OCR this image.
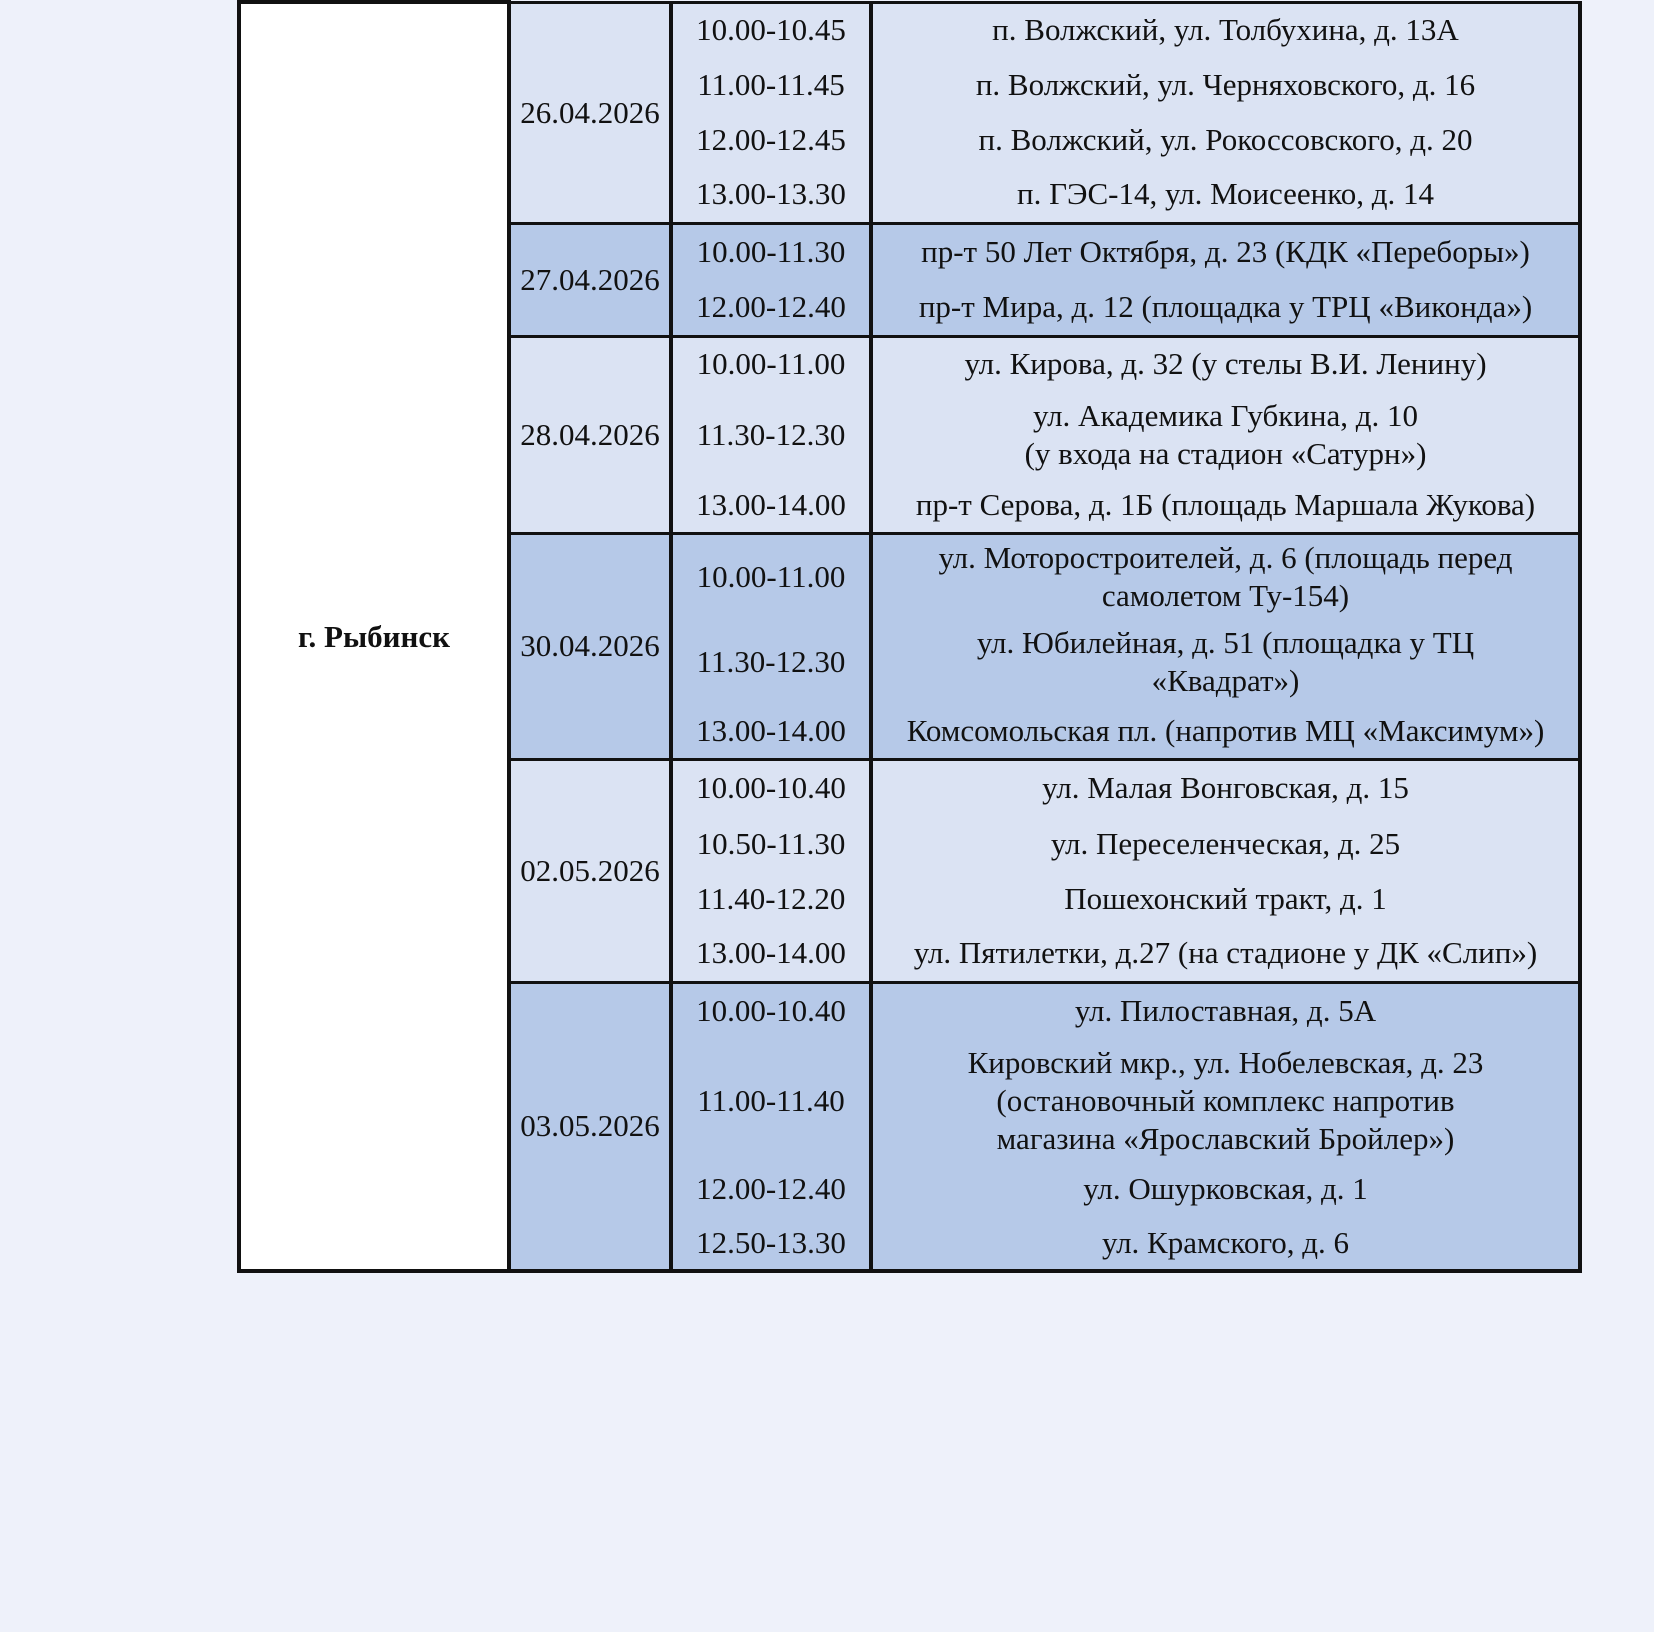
г. Рыбинск	26.04.2026	10.00-10.45	п. Волжский, ул. Толбухина, д. 13А
		11.00-11.45	п. Волжский, ул. Черняховского, д. 16
		12.00-12.45	п. Волжский, ул. Рокоссовского, д. 20
		13.00-13.30	п. ГЭС-14, ул. Моисеенко, д. 14
	27.04.2026	10.00-11.30	пр-т 50 Лет Октября, д. 23 (КДК «Переборы»)
		12.00-12.40	пр-т Мира, д. 12 (площадка у ТРЦ «Виконда»)
	28.04.2026	10.00-11.00	ул. Кирова, д. 32 (у стелы В.И. Ленину)
		11.30-12.30	ул. Академика Губкина, д. 10
(у входа на стадион «Сатурн»)
		13.00-14.00	пр-т Серова, д. 1Б (площадь Маршала Жукова)
	30.04.2026	10.00-11.00	ул. Моторостроителей, д. 6 (площадь перед
самолетом Ту-154)
		11.30-12.30	ул. Юбилейная, д. 51 (площадка у ТЦ
«Квадрат»)
		13.00-14.00	Комсомольская пл. (напротив МЦ «Максимум»)
	02.05.2026	10.00-10.40	ул. Малая Вонговская, д. 15
		10.50-11.30	ул. Переселенческая, д. 25
		11.40-12.20	Пошехонский тракт, д. 1
		13.00-14.00	ул. Пятилетки, д.27 (на стадионе у ДК «Слип»)
	03.05.2026	10.00-10.40	ул. Пилоставная, д. 5А
		11.00-11.40	Кировский мкр., ул. Нобелевская, д. 23
(остановочный комплекс напротив
магазина «Ярославский Бройлер»)
		12.00-12.40	ул. Ошурковская, д. 1
		12.50-13.30	ул. Крамского, д. 6
